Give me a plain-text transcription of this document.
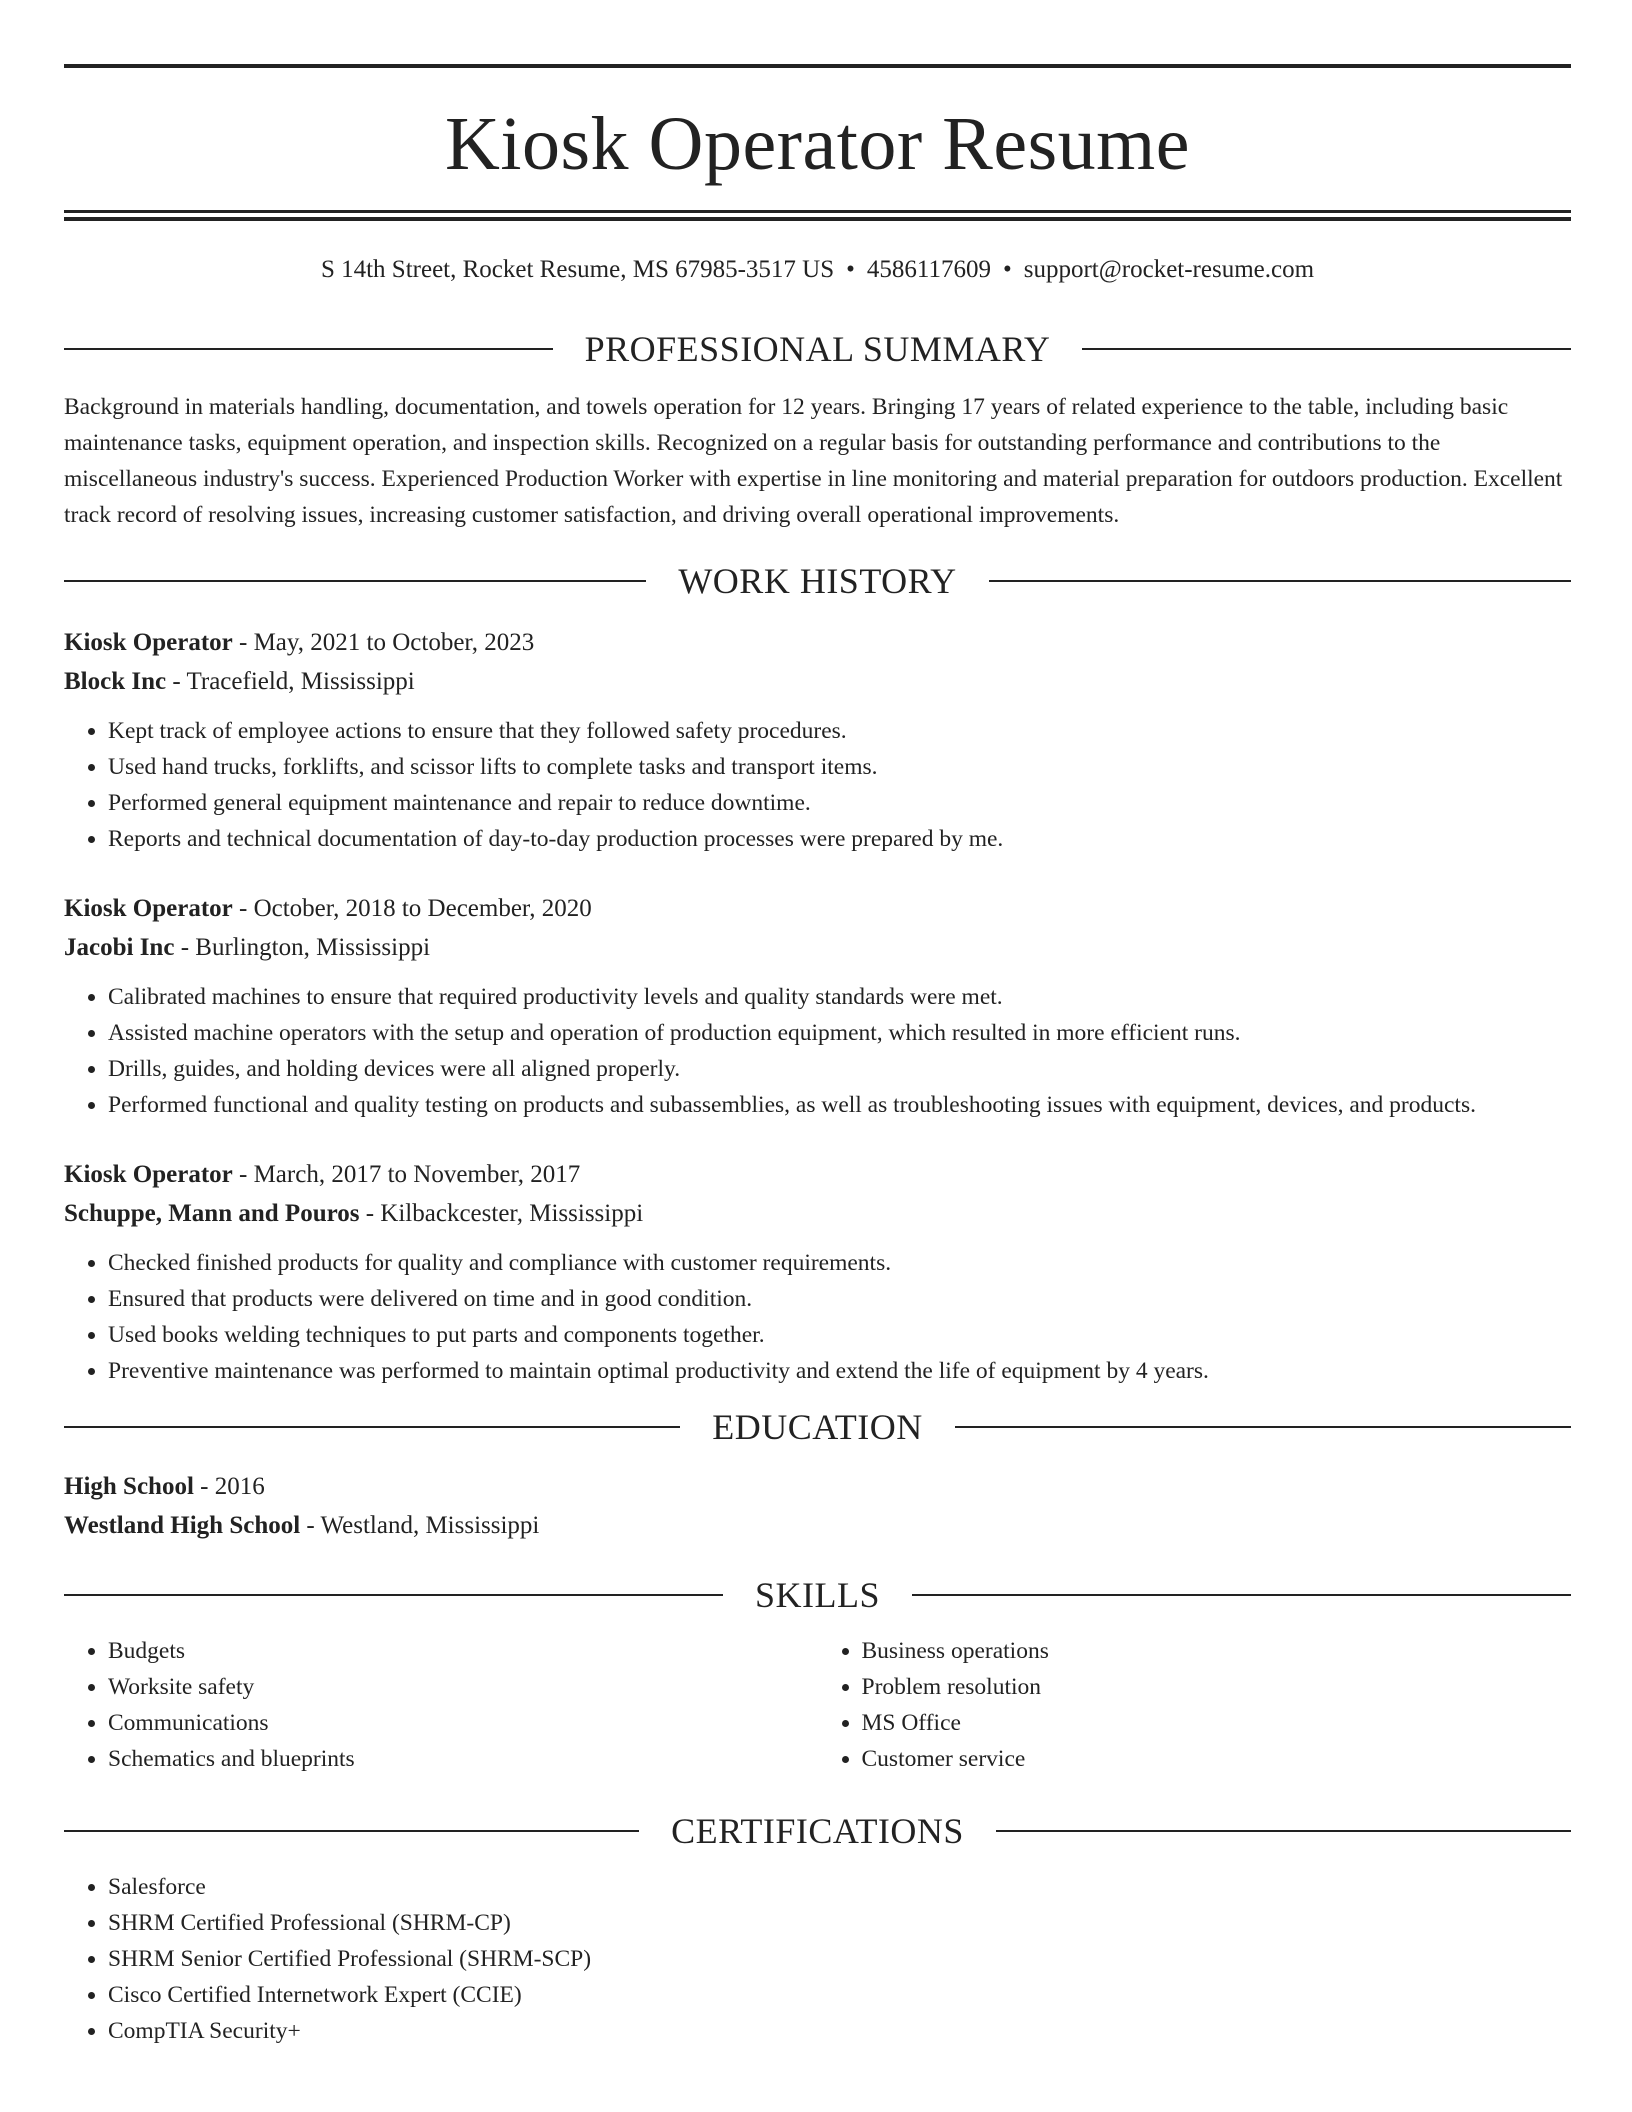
Kiosk Operator Resume
S 14th Street, Rocket Resume, MS 67985-3517 US • 4586117609 • support@rocket-resume.com
PROFESSIONAL SUMMARY
Background in materials handling, documentation, and towels operation for 12 years. Bringing 17 years of related experience to the table, including basic maintenance tasks, equipment operation, and inspection skills. Recognized on a regular basis for outstanding performance and contributions to the miscellaneous industry's success. Experienced Production Worker with expertise in line monitoring and material preparation for outdoors production. Excellent track record of resolving issues, increasing customer satisfaction, and driving overall operational improvements.
WORK HISTORY
Kiosk Operator - May, 2021 to October, 2023
Block Inc - Tracefield, Mississippi
• Kept track of employee actions to ensure that they followed safety procedures.
• Used hand trucks, forklifts, and scissor lifts to complete tasks and transport items.
• Performed general equipment maintenance and repair to reduce downtime.
• Reports and technical documentation of day-to-day production processes were prepared by me.
Kiosk Operator - October, 2018 to December, 2020
Jacobi Inc - Burlington, Mississippi
• Calibrated machines to ensure that required productivity levels and quality standards were met.
• Assisted machine operators with the setup and operation of production equipment, which resulted in more efficient runs.
• Drills, guides, and holding devices were all aligned properly.
• Performed functional and quality testing on products and subassemblies, as well as troubleshooting issues with equipment, devices, and products.
Kiosk Operator - March, 2017 to November, 2017
Schuppe, Mann and Pouros - Kilbackcester, Mississippi
• Checked finished products for quality and compliance with customer requirements.
• Ensured that products were delivered on time and in good condition.
• Used books welding techniques to put parts and components together.
• Preventive maintenance was performed to maintain optimal productivity and extend the life of equipment by 4 years.
EDUCATION
High School - 2016
Westland High School - Westland, Mississippi
SKILLS
• Budgets
• Worksite safety
• Communications
• Schematics and blueprints
• Business operations
• Problem resolution
• MS Office
• Customer service
CERTIFICATIONS
• Salesforce
• SHRM Certified Professional (SHRM-CP)
• SHRM Senior Certified Professional (SHRM-SCP)
• Cisco Certified Internetwork Expert (CCIE)
• CompTIA Security+
